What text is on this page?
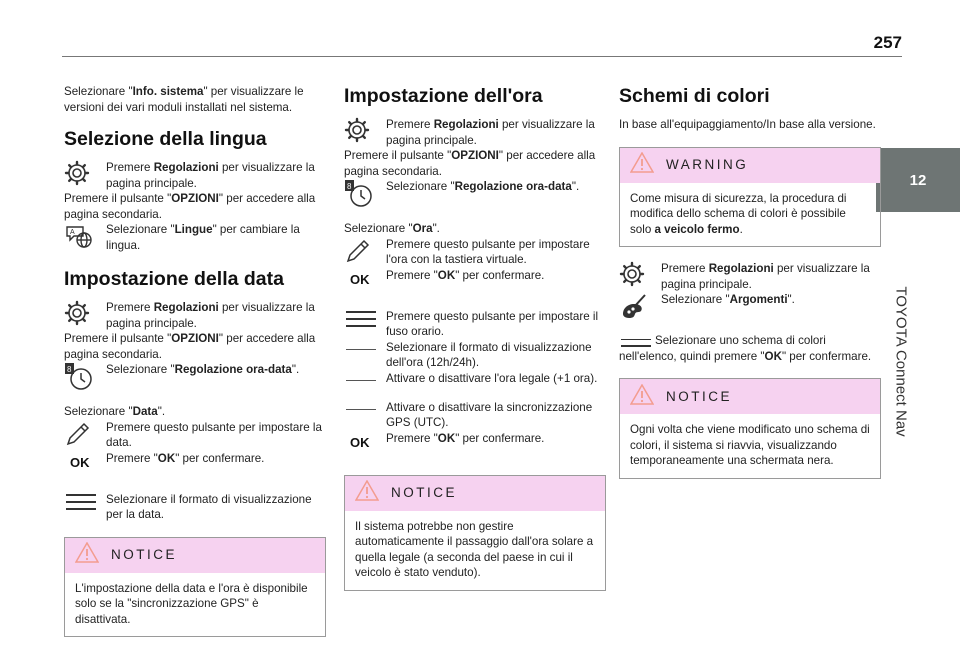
257
12
TOYOTA Connect Nav

Selezionare "Info. sistema" per visualizzare le versioni dei vari moduli installati nel sistema.

Selezione della lingua

Premere Regolazioni per visualizzare la pagina principale.

Premere il pulsante "OPZIONI" per accedere alla pagina secondaria.

A	Selezionare "Lingue" per cambiare la lingua.

Impostazione della data

Premere Regolazioni per visualizzare la pagina principale.

Premere il pulsante "OPZIONI" per accedere alla pagina secondaria.

8	Selezionare "Regolazione ora-data".

Selezionare "Data".

Premere questo pulsante per impostare la data.

OK Premere "OK" per confermare.

Selezionare il formato di visualizzazione per la data.

NOTICE
L'impostazione della data e l'ora è disponibile solo se la "sincronizzazione GPS" è disattivata.
Impostazione dell'ora

Premere Regolazioni per visualizzare la pagina principale.

Premere il pulsante "OPZIONI" per accedere alla pagina secondaria.

8	Selezionare "Regolazione ora-data".

Selezionare "Ora".

Premere questo pulsante per impostare l'ora con la tastiera virtuale.

OK Premere "OK" per confermare.

Premere questo pulsante per impostare il fuso orario.

Selezionare il formato di visualizzazione dell'ora (12h/24h).

Attivare o disattivare l'ora legale (+1 ora).

Attivare o disattivare la sincronizzazione GPS (UTC).

OK Premere "OK" per confermare.

NOTICE
Il sistema potrebbe non gestire automaticamente il passaggio dall'ora solare a quella legale (a seconda del paese in cui il veicolo è stato venduto).
Schemi di colori

In base all'equipaggiamento/In base alla versione.

WARNING
Come misura di sicurezza, la procedura di modifica dello schema di colori è possibile solo a veicolo fermo.

Premere Regolazioni per visualizzare la pagina principale.

Selezionare "Argomenti".

Selezionare uno schema di colori nell'elenco, quindi premere "OK" per confermare.

NOTICE
Ogni volta che viene modificato uno schema di colori, il sistema si riavvia, visualizzando temporaneamente una schermata nera.
